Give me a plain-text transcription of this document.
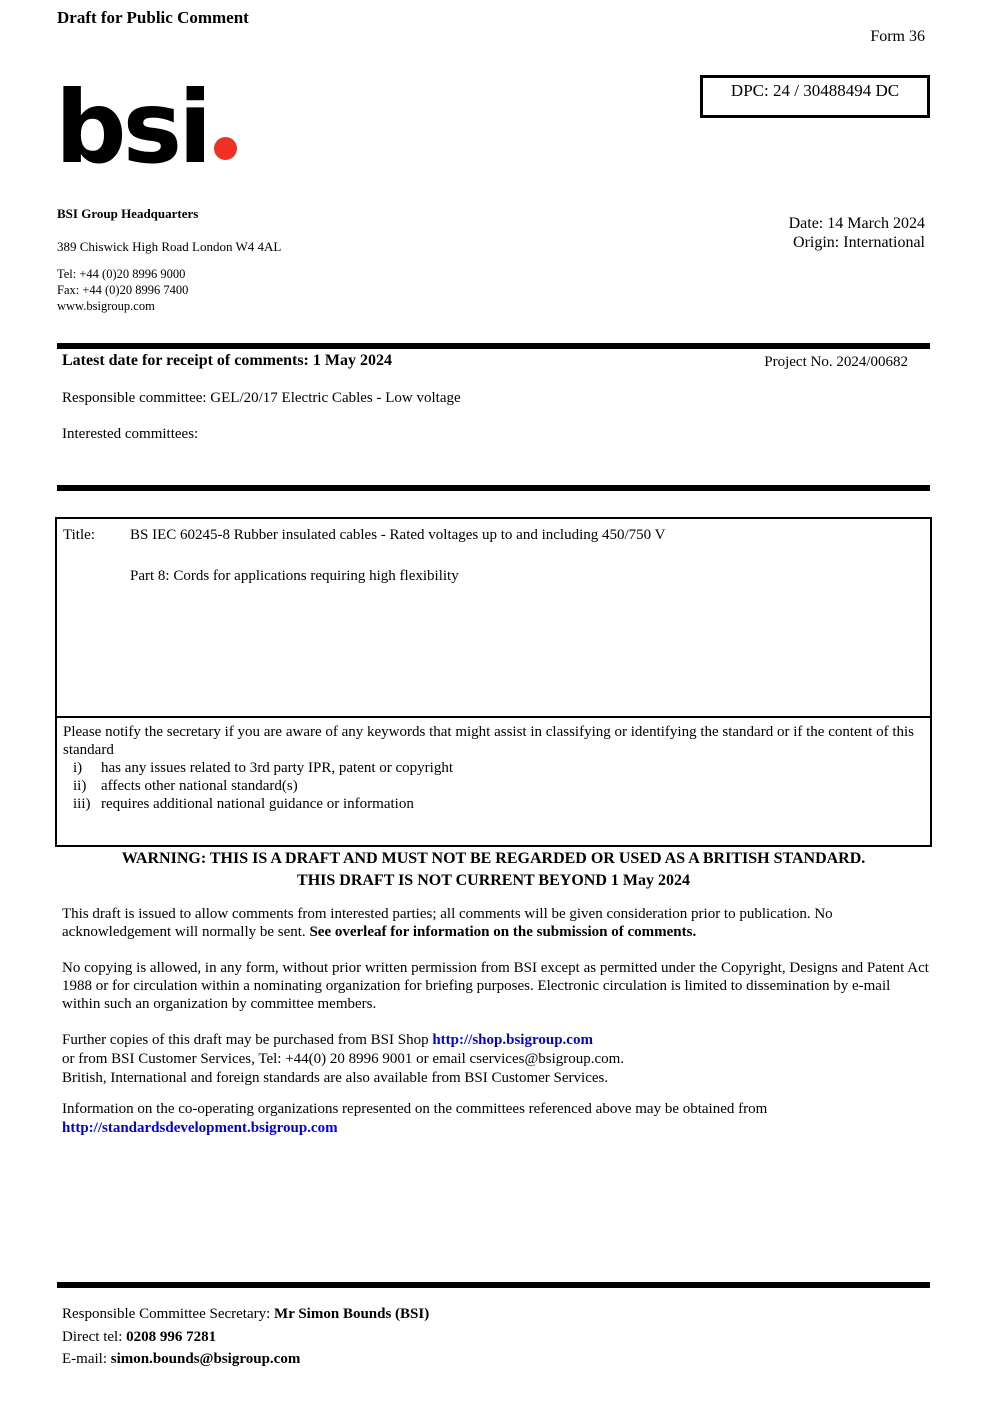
Draft for Public Comment
Form 36
DPC: 24 / 30488494 DC
bsi
BSI Group Headquarters
389 Chiswick High Road London W4 4AL
Tel: +44 (0)20 8996 9000
Fax: +44 (0)20 8996 7400
www.bsigroup.com
Date: 14 March 2024
Origin: International
Latest date for receipt of comments: 1 May 2024	Project No. 2024/00682
Responsible committee: GEL/20/17 Electric Cables - Low voltage
Interested committees:
Title:	BS IEC 60245-8 Rubber insulated cables - Rated voltages up to and including 450/750 V

Part 8: Cords for applications requiring high flexibility

Please notify the secretary if you are aware of any keywords that might assist in classifying or identifying the standard or if the content of this standard
i)	has any issues related to 3rd party IPR, patent or copyright
ii) affects other national standard(s)
iii) requires additional national guidance or information
WARNING: THIS IS A DRAFT AND MUST NOT BE REGARDED OR USED AS A BRITISH STANDARD.
THIS DRAFT IS NOT CURRENT BEYOND 1 May 2024
This draft is issued to allow comments from interested parties; all comments will be given consideration prior to publication. No acknowledgement will normally be sent. See overleaf for information on the submission of comments.
No copying is allowed, in any form, without prior written permission from BSI except as permitted under the Copyright, Designs and Patent Act 1988 or for circulation within a nominating organization for briefing purposes. Electronic circulation is limited to dissemination by e-mail within such an organization by committee members.
Further copies of this draft may be purchased from BSI Shop http://shop.bsigroup.com
or from BSI Customer Services, Tel: +44(0) 20 8996 9001 or email cservices@bsigroup.com.
British, International and foreign standards are also available from BSI Customer Services.
Information on the co-operating organizations represented on the committees referenced above may be obtained from
http://standardsdevelopment.bsigroup.com
Responsible Committee Secretary: Mr Simon Bounds (BSI)
Direct tel: 0208 996 7281
E-mail: simon.bounds@bsigroup.com
